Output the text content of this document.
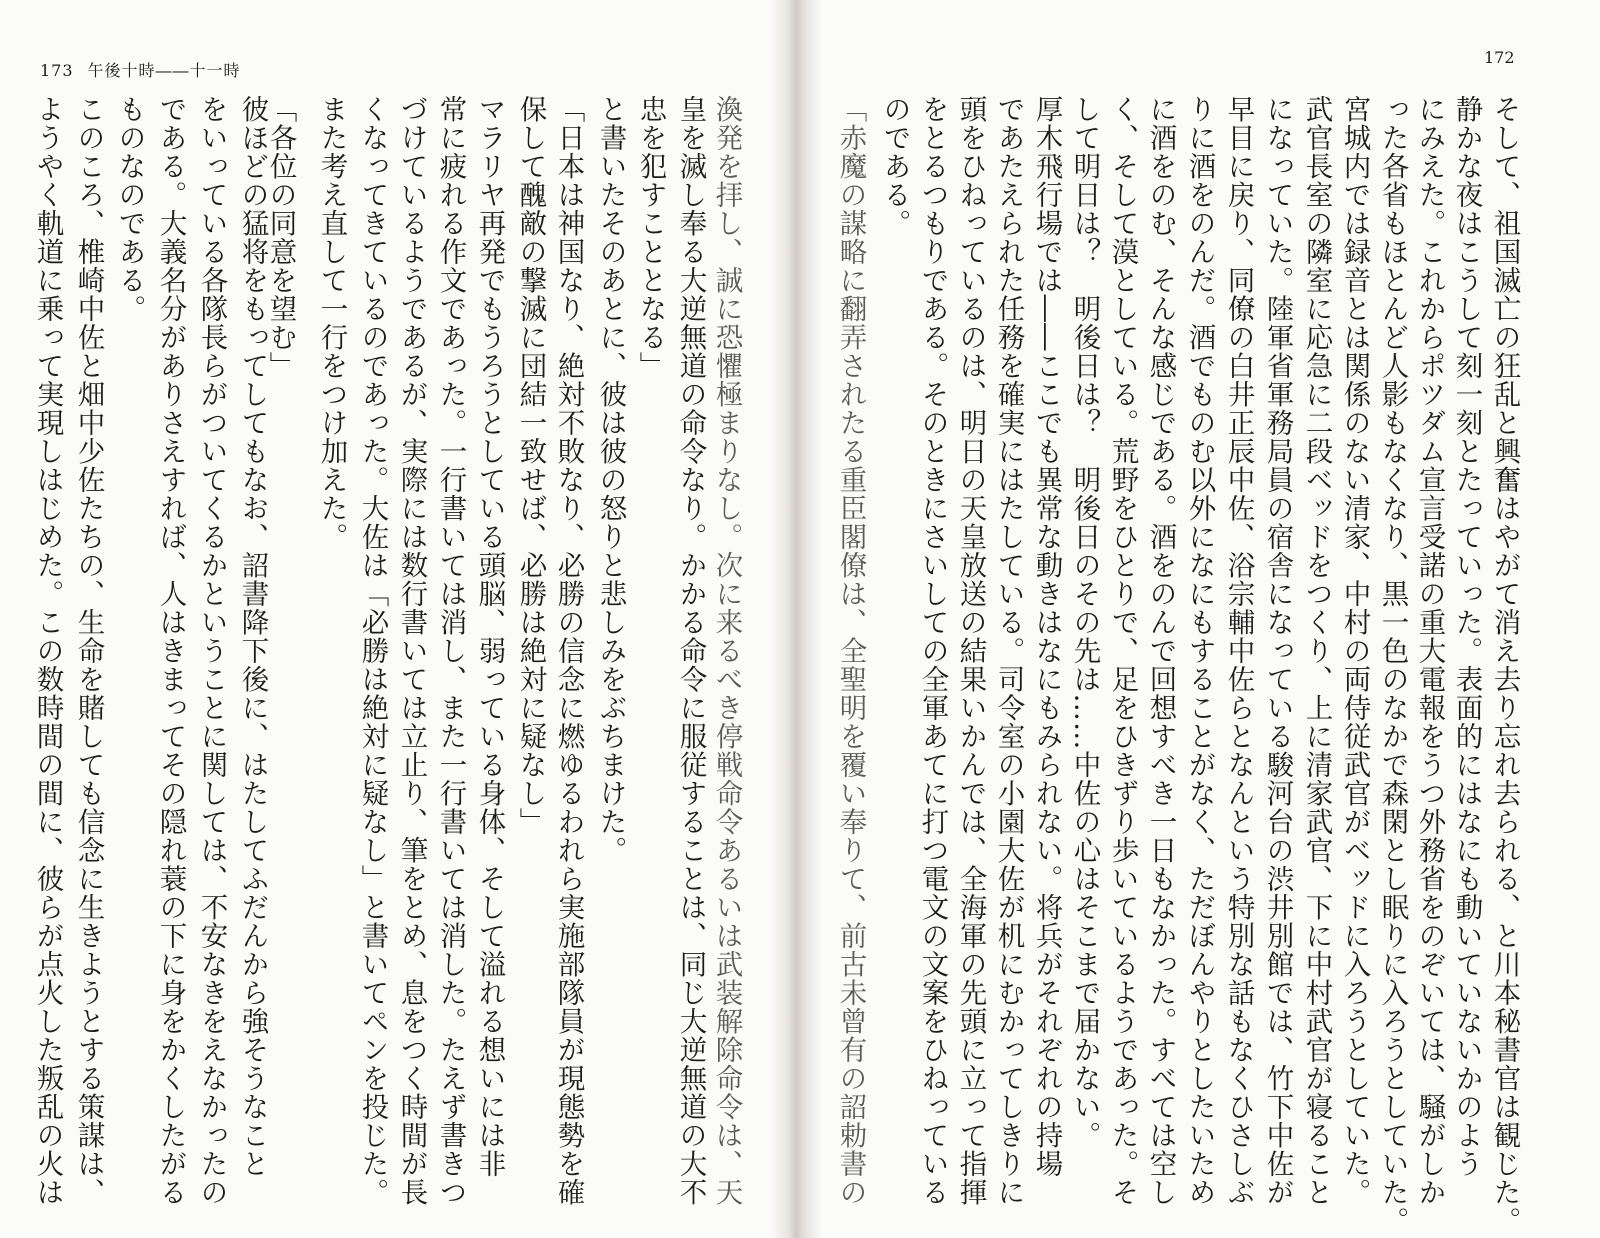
173 午後十時――十一時
172
ようやく軌道に乗って実現しはじめた。この数時間の間に、彼らが点火した叛乱の火は このころ、椎崎中佐と畑中少佐たちの、生命を賭しても信念に生きようとする策謀は、 ものなのである。 である。大義名分がありさえすれば、人はきまってその隠れ蓑の下に身をかくしたがる をいっている各隊長らがついてくるかということに関しては、不安なきをえなかったの 彼ほどの猛将をもってしてもなお、詔書降下後に、はたしてふだんから強そうなこと
「各位の同意を望む」 また考え直して一行をつけ加えた。 くなってきているのであった。大佐は「必勝は絶対に疑なし」と書いてペンを投じた。 づけているようであるが、実際には数行書いては立止り、筆をとめ、息をつく時間が長 常に疲れる作文であった。一行書いては消し、また一行書いては消した。たえず書きつ マラリヤ再発でもうろうとしている頭脳、弱っている身体、そして溢れる想いには非 保して醜敵の撃滅に団結一致せば、必勝は絶対に疑なし」 「日本は神国なり、絶対不敗なり、必勝の信念に燃ゆるわれら実施部隊員が現態勢を確 と書いたそのあとに、彼は彼の怒りと悲しみをぶちまけた。 忠を犯すこととなる」 皇を滅し奉る大逆無道の命令なり。かかる命令に服従することは、同じ大逆無道の大不 渙発を拝し、誠に恐懼極まりなし。次に来るべき停戦命令あるいは武装解除命令は、天	そして、祖国滅亡の狂乱と興奮はやがて消え去り忘れ去られる、と川本秘書官は観じた。
静かな夜はこうして刻一刻とたっていった。表面的にはなにも動いていないかのよう
にみえた。これからポツダム宣言受諾の重大電報をうつ外務省をのぞいては、騒がしか
った各省もほとんど人影もなくなり、黒一色のなかで森閑とし眠りに入ろうとしていた。
宮城内では録音とは関係のない清家、中村の両侍従武官がベッドに入ろうとしていた。
武官長室の隣室に応急に二段ベッドをつくり、上に清家武官、下に中村武官が寝ること
になっていた。陸軍省軍務局員の宿舎になっている駿河台の渋井別館では、竹下中佐が
早目に戻り、同僚の白井正辰中佐、浴宗輔中佐らとなんという特別な話もなくひさしぶ
りに酒をのんだ。酒でものむ以外になにもすることがなく、ただぼんやりとしたいため
に酒をのむ、そんな感じである。酒をのんで回想すべき一日もなかった。すべては空し
く、そして漠としている。荒野をひとりで、足をひきずり歩いているようであった。そ
して明日は？　明後日は？　明後日のその先は……中佐の心はそこまで届かない。
厚木飛行場では――ここでも異常な動きはなにもみられない。将兵がそれぞれの持場
であたえられた任務を確実にはたしている。司令室の小園大佐が机にむかってしきりに
頭をひねっているのは、明日の天皇放送の結果いかんでは、全海軍の先頭に立って指揮
をとるつもりである。そのときにさいしての全軍あてに打つ電文の文案をひねっている
のである。
「赤魔の謀略に翻弄されたる重臣閣僚は、全聖明を覆い奉りて、前古未曾有の詔勅書の
